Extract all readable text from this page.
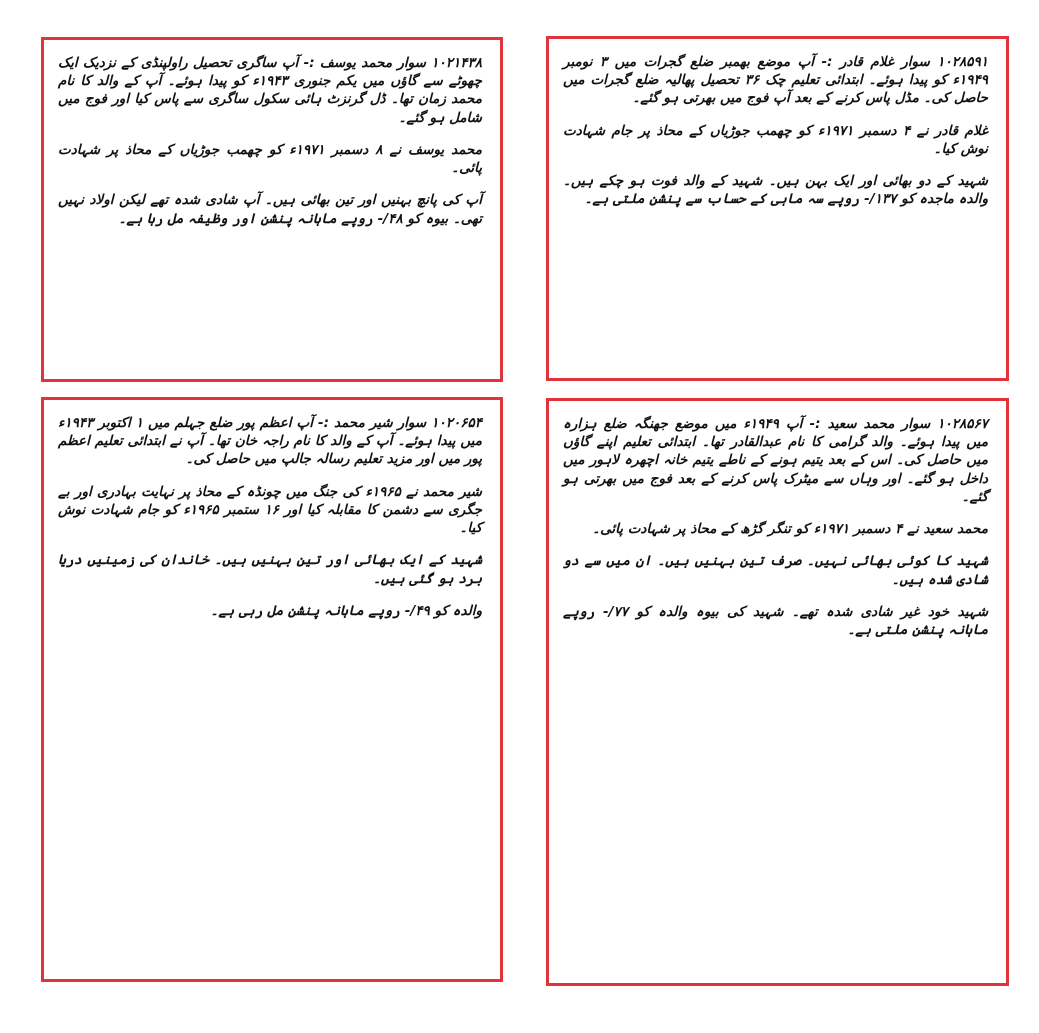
۱۰۲۱۴۳۸ سوار محمد یوسف :- آپ ساگری تحصیل راولپنڈی کے نزدیک ایک چھوٹے سے گاؤں میں یکم جنوری ۱۹۴۳ء کو پیدا ہوئے۔ آپ کے والد کا نام محمد زمان تھا۔ ڈل گرنزٹ ہائی سکول ساگری سے پاس کیا اور فوج میں شامل ہو گئے۔

محمد یوسف نے ۸ دسمبر ۱۹۷۱ء کو چھمب جوڑیاں کے محاذ پر شہادت پائی۔

آپ کی پانچ بہنیں اور تین بھائی ہیں۔ آپ شادی شدہ تھے لیکن اولاد نہیں تھی۔ بیوہ کو ۴۸/- روپے ماہانہ پنشن اور وظیفہ مل رہا ہے۔

۱۰۲۸۵۹۱ سوار غلام قادر :- آپ موضع بھمبر ضلع گجرات میں ۳ نومبر ۱۹۴۹ء کو پیدا ہوئے۔ ابتدائی تعلیم چک ۳۶ تحصیل پھالیہ ضلع گجرات میں حاصل کی۔ مڈل پاس کرنے کے بعد آپ فوج میں بھرتی ہو گئے۔

غلام قادر نے ۴ دسمبر ۱۹۷۱ء کو چھمب جوڑیاں کے محاذ پر جام شہادت نوش کیا۔

شہید کے دو بھائی اور ایک بہن ہیں۔ شہید کے والد فوت ہو چکے ہیں۔ والدہ ماجدہ کو ۱۳۷/- روپے سہ ماہی کے حساب سے پنشن ملتی ہے۔

۱۰۲۰۶۵۴ سوار شیر محمد :- آپ اعظم پور ضلع جہلم میں ۱ اکتوبر ۱۹۴۳ء میں پیدا ہوئے۔ آپ کے والد کا نام راجہ خان تھا۔ آپ نے ابتدائی تعلیم اعظم پور میں اور مزید تعلیم رسالہ جالپ میں حاصل کی۔

شیر محمد نے ۱۹۶۵ء کی جنگ میں چونڈہ کے محاذ پر نہایت بہادری اور بے جگری سے دشمن کا مقابلہ کیا اور ۱۶ ستمبر ۱۹۶۵ء کو جام شہادت نوش کیا۔

شہید کے ایک بھائی اور تین بہنیں ہیں۔ خاندان کی زمینیں دریا برد ہو گئی ہیں۔

والدہ کو ۴۹/- روپے ماہانہ پنشن مل رہی ہے۔

۱۰۲۸۵۶۷ سوار محمد سعید :- آپ ۱۹۴۹ء میں موضع جھنگہ ضلع ہزارہ میں پیدا ہوئے۔ والد گرامی کا نام عبدالقادر تھا۔ ابتدائی تعلیم اپنے گاؤں میں حاصل کی۔ اس کے بعد یتیم ہونے کے ناطے یتیم خانہ اچھرہ لاہور میں داخل ہو گئے۔ اور وہاں سے میٹرک پاس کرنے کے بعد فوج میں بھرتی ہو گئے۔

محمد سعید نے ۴ دسمبر ۱۹۷۱ء کو تنگر گڑھ کے محاذ پر شہادت پائی۔

شہید کا کوئی بھائی نہیں۔ صرف تین بہنیں ہیں۔ ان میں سے دو شادی شدہ ہیں۔

شہید خود غیر شادی شدہ تھے۔ شہید کی بیوہ والدہ کو ۷۷/- روپے ماہانہ پنشن ملتی ہے۔
